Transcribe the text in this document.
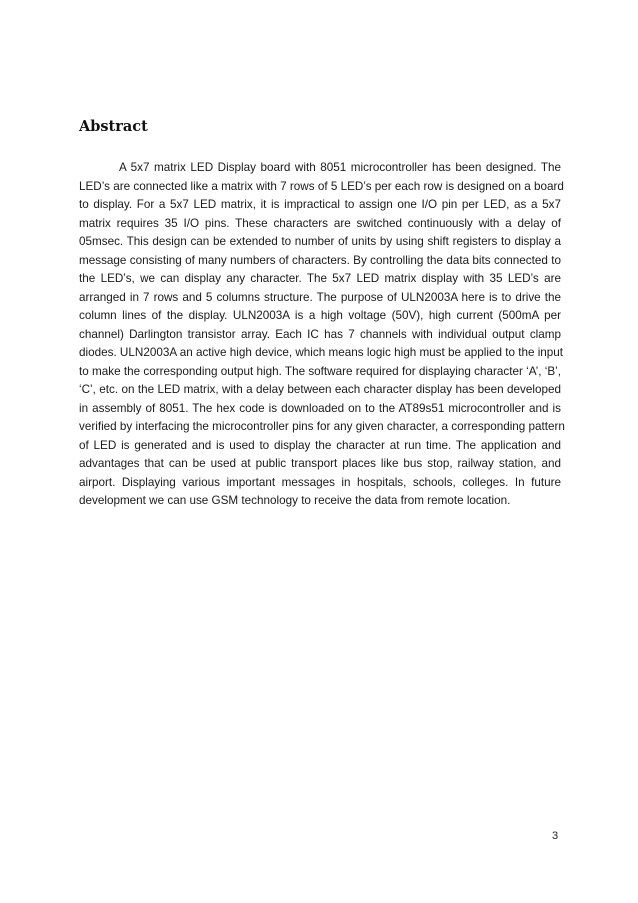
Abstract
A 5x7 matrix LED Display board with 8051 microcontroller has been designed. The
LED’s are connected like a matrix with 7 rows of 5 LED’s per each row is designed on a board
to display. For a 5x7 LED matrix, it is impractical to assign one I/O pin per LED, as a 5x7
matrix requires 35 I/O pins. These characters are switched continuously with a delay of
05msec. This design can be extended to number of units by using shift registers to display a
message consisting of many numbers of characters. By controlling the data bits connected to
the LED’s, we can display any character. The 5x7 LED matrix display with 35 LED’s are
arranged in 7 rows and 5 columns structure. The purpose of ULN2003A here is to drive the
column lines of the display. ULN2003A is a high voltage (50V), high current (500mA per
channel) Darlington transistor array. Each IC has 7 channels with individual output clamp
diodes. ULN2003A an active high device, which means logic high must be applied to the input
to make the corresponding output high. The software required for displaying character ‘A’, ‘B’,
‘C’, etc. on the LED matrix, with a delay between each character display has been developed
in assembly of 8051. The hex code is downloaded on to the AT89s51 microcontroller and is
verified by interfacing the microcontroller pins for any given character, a corresponding pattern
of LED is generated and is used to display the character at run time. The application and
advantages that can be used at public transport places like bus stop, railway station, and
airport. Displaying various important messages in hospitals, schools, colleges. In future
development we can use GSM technology to receive the data from remote location.
3
